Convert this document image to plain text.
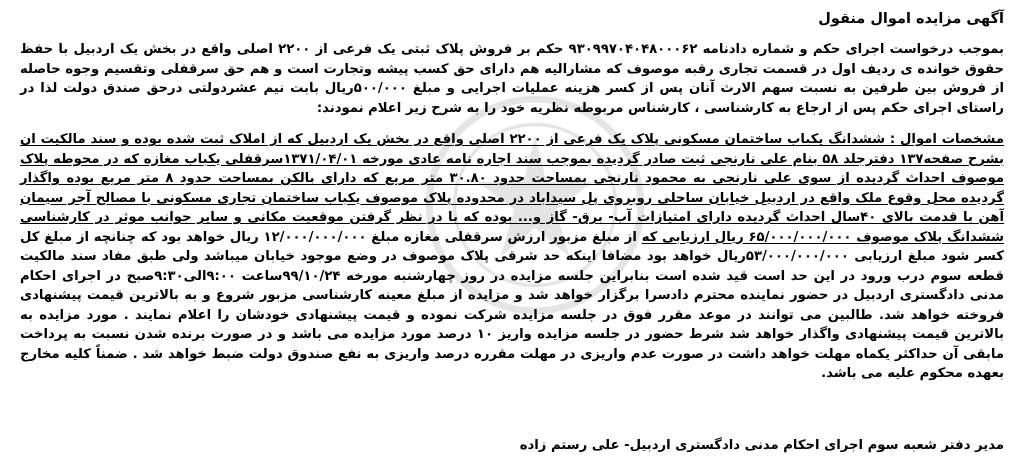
آگهی مزایده اموال منقول

بموجب درخواست اجرای حکم و شماره دادنامه ۹۳۰۹۹۷۰۴۰۴۸۰۰۰۶۲ حکم بر فروش پلاک ثبتی یک فرعی از ۲۲۰۰ اصلی واقع در بخش یک اردبیل با حفظ حقوق خوانده ی ردیف اول در قسمت تجاری رقبه موصوف که مشارالیه هم دارای حق کسب پیشه وتجارت است و هم حق سرقفلی وتقسیم وجوه حاصله از فروش بین طرفین به نسبت سهم الارث آنان پس از کسر هزینه عملیات اجرایی و مبلغ ۵۰۰/۰۰۰ریال بابت نیم عشردولتی درحق صندق دولت لذا در راستای اجرای حکم پس از ارجاع به کارشناسی ، کارشناس مربوطه نظریه خود را به شرح زیر اعلام نمودند:

مشخصات اموال : ششدانگ یکباب ساختمان مسکونی پلاک یک فرعی از ۲۲۰۰ اصلی واقع در بخش یک اردبیل که از املاک ثبت شده بوده و سند مالکیت ان بشرح صفحه۱۳۷ دفترجلد ۵۸ بنام علی نارنجی ثبت صادر گردیده بموجب سند اجاره نامه عادی مورخه ۱۳۷۱/۰۴/۰۱سرقفلی یکباب مغازه که در محوطه پلاک موصوف احداث گردیده از سوی علی نارنجی به محمود نارنجی بمساحت حدود ۳۰.۸۰ متر مربع که دارای بالکن بمساحت حدود ۸ متر مربع بوده واگذار گردیده محل وقوع ملک واقع در اردبیل خیابان ساحلی روبروی پل سیداباد در محدوده پلاک موصوف یکباب ساختمان تجاری مسکونی با مصالح آجر سیمان آهن با قدمت بالای ۴۰سال احداث گردیده دارای امتیازات آب- برق- گاز و... بوده که با در نظر گرفتن موقعیت مکانی و سایر جوانب موثر در کارشناسی ششدانگ پلاک موصوف ۶۵/۰۰۰/۰۰۰/۰۰۰ ریال ارزیابی که از مبلغ مزبور ارزش سرقفلی مغازه مبلغ ۱۲/۰۰۰/۰۰۰/۰۰۰ ریال خواهد بود که چنانچه از مبلغ کل کسر شود مبلغ ارزیابی ۵۳/۰۰۰/۰۰۰/۰۰۰ریال خواهد بود مضافا اینکه حد شرقی پلاک موصوف در وضع موجود خیابان میباشد ولی طبق مفاد سند مالکیت قطعه سوم درب ورود در این حد است قید شده است بنابراین جلسه مزایده در روز چهارشنبه مورخه ۹۹/۱۰/۲۴ساعت ۹:۰۰الی۹:۳۰صبح در اجرای احکام مدنی دادگستری اردبیل در حضور نماینده محترم دادسرا برگزار خواهد شد و مزایده از مبلغ معینه کارشناسی مزبور شروع و به بالاترین قیمت پیشنهادی فروخته خواهد شد. طالبین می توانند در موعد مقرر فوق در جلسه مزایده شرکت نموده و قیمت پیشنهادی خودشان را اعلام نمایند . مورد مزایده به بالاترین قیمت پیشنهادی واگذار خواهد شد شرط حضور در جلسه مزایده واریز ۱۰ درصد مورد مزایده می باشد و در صورت برنده شدن نسبت به پرداخت مابقی آن حداکثر یکماه مهلت خواهد داشت در صورت عدم واریزی در مهلت مقرره درصد واریزی به نفع صندوق دولت ضبط خواهد شد . ضمناً کلیه مخارج بعهده محکوم علیه می باشد.

مدیر دفتر شعبه سوم اجرای احکام مدنی دادگستری اردبیل- علی رستم زاده
